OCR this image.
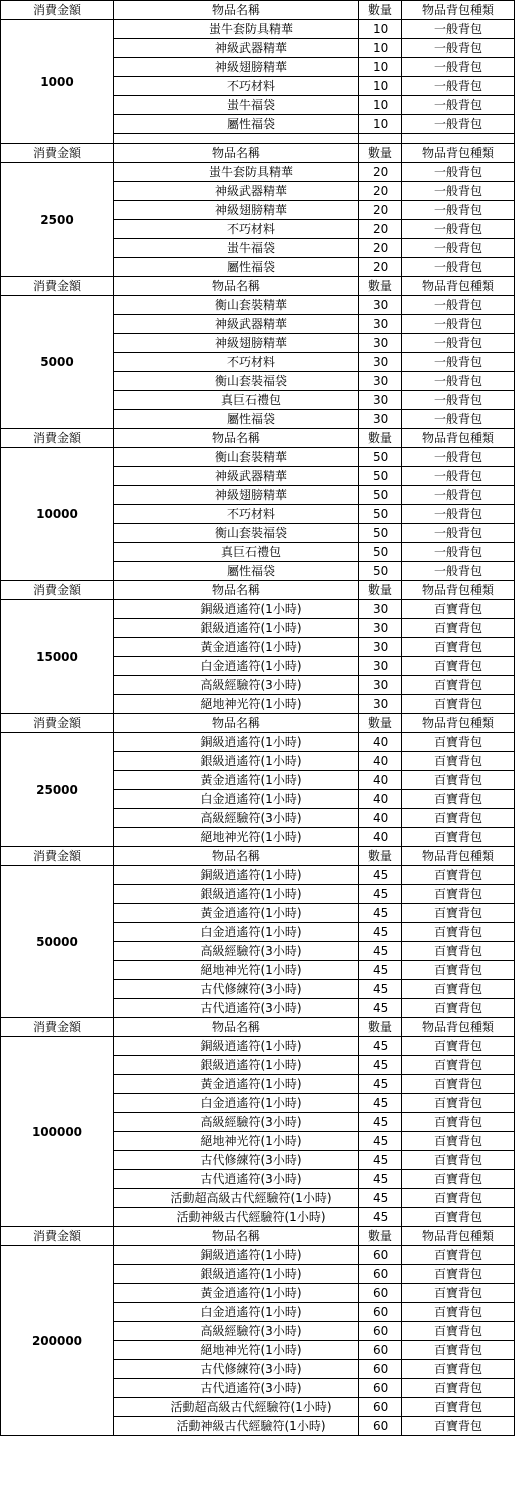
消費金額	物品名稱	數量	物品背包種類
1000	蚩牛套防具精華	10	一般背包
	神級武器精華	10	一般背包
	神級翅膀精華	10	一般背包
	不巧材料	10	一般背包
	蚩牛福袋	10	一般背包
	屬性福袋	10	一般背包

消費金額	物品名稱	數量	物品背包種類
2500	蚩牛套防具精華	20	一般背包
	神級武器精華	20	一般背包
	神級翅膀精華	20	一般背包
	不巧材料	20	一般背包
	蚩牛福袋	20	一般背包
	屬性福袋	20	一般背包
消費金額	物品名稱	數量	物品背包種類
5000	衡山套裝精華	30	一般背包
	神級武器精華	30	一般背包
	神級翅膀精華	30	一般背包
	不巧材料	30	一般背包
	衡山套裝福袋	30	一般背包
	真巨石禮包	30	一般背包
	屬性福袋	30	一般背包
消費金額	物品名稱	數量	物品背包種類
10000	衡山套裝精華	50	一般背包
	神級武器精華	50	一般背包
	神級翅膀精華	50	一般背包
	不巧材料	50	一般背包
	衡山套裝福袋	50	一般背包
	真巨石禮包	50	一般背包
	屬性福袋	50	一般背包
消費金額	物品名稱	數量	物品背包種類
15000	銅級逍遙符(1小時)	30	百寶背包
	銀級逍遙符(1小時)	30	百寶背包
	黃金逍遙符(1小時)	30	百寶背包
	白金逍遙符(1小時)	30	百寶背包
	高級經驗符(3小時)	30	百寶背包
	絕地神光符(1小時)	30	百寶背包
消費金額	物品名稱	數量	物品背包種類
25000	銅級逍遙符(1小時)	40	百寶背包
	銀級逍遙符(1小時)	40	百寶背包
	黃金逍遙符(1小時)	40	百寶背包
	白金逍遙符(1小時)	40	百寶背包
	高級經驗符(3小時)	40	百寶背包
	絕地神光符(1小時)	40	百寶背包
消費金額	物品名稱	數量	物品背包種類
50000	銅級逍遙符(1小時)	45	百寶背包
	銀級逍遙符(1小時)	45	百寶背包
	黃金逍遙符(1小時)	45	百寶背包
	白金逍遙符(1小時)	45	百寶背包
	高級經驗符(3小時)	45	百寶背包
	絕地神光符(1小時)	45	百寶背包
	古代修練符(3小時)	45	百寶背包
	古代逍遙符(3小時)	45	百寶背包
消費金額	物品名稱	數量	物品背包種類
100000	銅級逍遙符(1小時)	45	百寶背包
	銀級逍遙符(1小時)	45	百寶背包
	黃金逍遙符(1小時)	45	百寶背包
	白金逍遙符(1小時)	45	百寶背包
	高級經驗符(3小時)	45	百寶背包
	絕地神光符(1小時)	45	百寶背包
	古代修練符(3小時)	45	百寶背包
	古代逍遙符(3小時)	45	百寶背包
	活動超高級古代經驗符(1小時)	45	百寶背包
	活動神級古代經驗符(1小時)	45	百寶背包
消費金額	物品名稱	數量	物品背包種類
200000	銅級逍遙符(1小時)	60	百寶背包
	銀級逍遙符(1小時)	60	百寶背包
	黃金逍遙符(1小時)	60	百寶背包
	白金逍遙符(1小時)	60	百寶背包
	高級經驗符(3小時)	60	百寶背包
	絕地神光符(1小時)	60	百寶背包
	古代修練符(3小時)	60	百寶背包
	古代逍遙符(3小時)	60	百寶背包
	活動超高級古代經驗符(1小時)	60	百寶背包
	活動神級古代經驗符(1小時)	60	百寶背包
